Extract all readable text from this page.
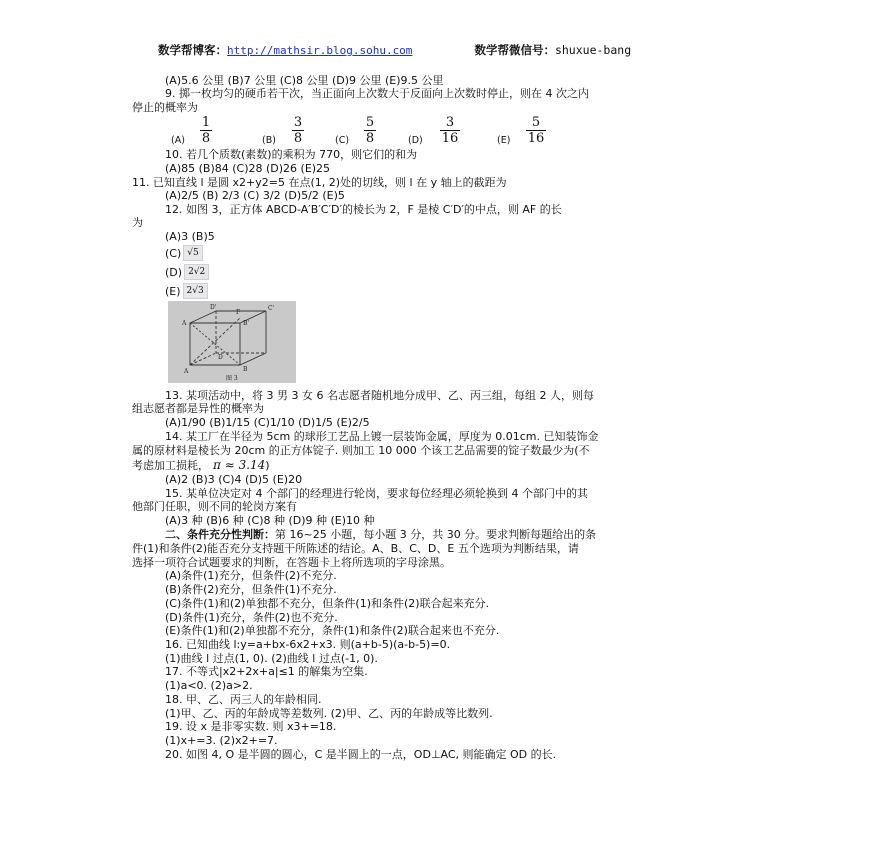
数学帮博客：http://mathsir.blog.sohu.com	数学帮微信号：shuxue-bang
(A)5.6 公里 (B)7 公里 (C)8 公里 (D)9 公里 (E)9.5 公里
9. 掷一枚均匀的硬币若干次，当正面向上次数大于反面向上次数时停止，则在 4 次之内
停止的概率为
(A)
1
8	(B)
3
8	(C)
5
8	(D)
3
16	(E)
5
16
10. 若几个质数(素数)的乘积为 770，则它们的和为
(A)85 (B)84 (C)28 (D)26 (E)25
11. 已知直线 l 是圆 x2+y2=5 在点(1, 2)处的切线，则 l 在 y 轴上的截距为
(A)2/5 (B) 2/3 (C) 3/2 (D)5/2 (E)5
12. 如图 3，正方体 ABCD-A′B′C′D′的棱长为 2，F 是棱 C′D′的中点，则 AF 的长
为
(A)3 (B)5
(C) √5
(D) 2√2
(E) 2√3
D'	C'
A	B'
F
D
A	B
图 3
13. 某项活动中，将 3 男 3 女 6 名志愿者随机地分成甲、乙、丙三组，每组 2 人，则每
组志愿者都是异性的概率为
(A)1/90 (B)1/15 (C)1/10 (D)1/5 (E)2/5
14. 某工厂在半径为 5cm 的球形工艺品上镀一层装饰金属，厚度为 0.01cm. 已知装饰金
属的原材料是棱长为 20cm 的正方体锭子. 则加工 10 000 个该工艺品需要的锭子数最少为(不
考虑加工损耗， π ≈ 3.14)
(A)2 (B)3 (C)4 (D)5 (E)20
15. 某单位决定对 4 个部门的经理进行轮岗，要求每位经理必须轮换到 4 个部门中的其
他部门任职，则不同的轮岗方案有
(A)3 种 (B)6 种 (C)8 种 (D)9 种 (E)10 种
二、条件充分性判断：第 16~25 小题，每小题 3 分，共 30 分。要求判断每题给出的条
件(1)和条件(2)能否充分支持题干所陈述的结论。A、B、C、D、E 五个选项为判断结果，请
选择一项符合试题要求的判断，在答题卡上将所选项的字母涂黑。
(A)条件(1)充分，但条件(2)不充分.
(B)条件(2)充分，但条件(1)不充分.
(C)条件(1)和(2)单独都不充分，但条件(1)和条件(2)联合起来充分.
(D)条件(1)充分，条件(2)也不充分.
(E)条件(1)和(2)单独都不充分，条件(1)和条件(2)联合起来也不充分.
16. 已知曲线 l:y=a+bx-6x2+x3. 则(a+b-5)(a-b-5)=0.
(1)曲线 l 过点(1, 0). (2)曲线 l 过点(-1, 0).
17. 不等式|x2+2x+a|≤1 的解集为空集.
(1)a<0. (2)a>2.
18. 甲、乙、丙三人的年龄相同.
(1)甲、乙、丙的年龄成等差数列. (2)甲、乙、丙的年龄成等比数列.
19. 设 x 是非零实数. 则 x3+=18.
(1)x+=3. (2)x2+=7.
20. 如图 4, O 是半圆的圆心，C 是半圆上的一点，OD⊥AC, 则能确定 OD 的长.
